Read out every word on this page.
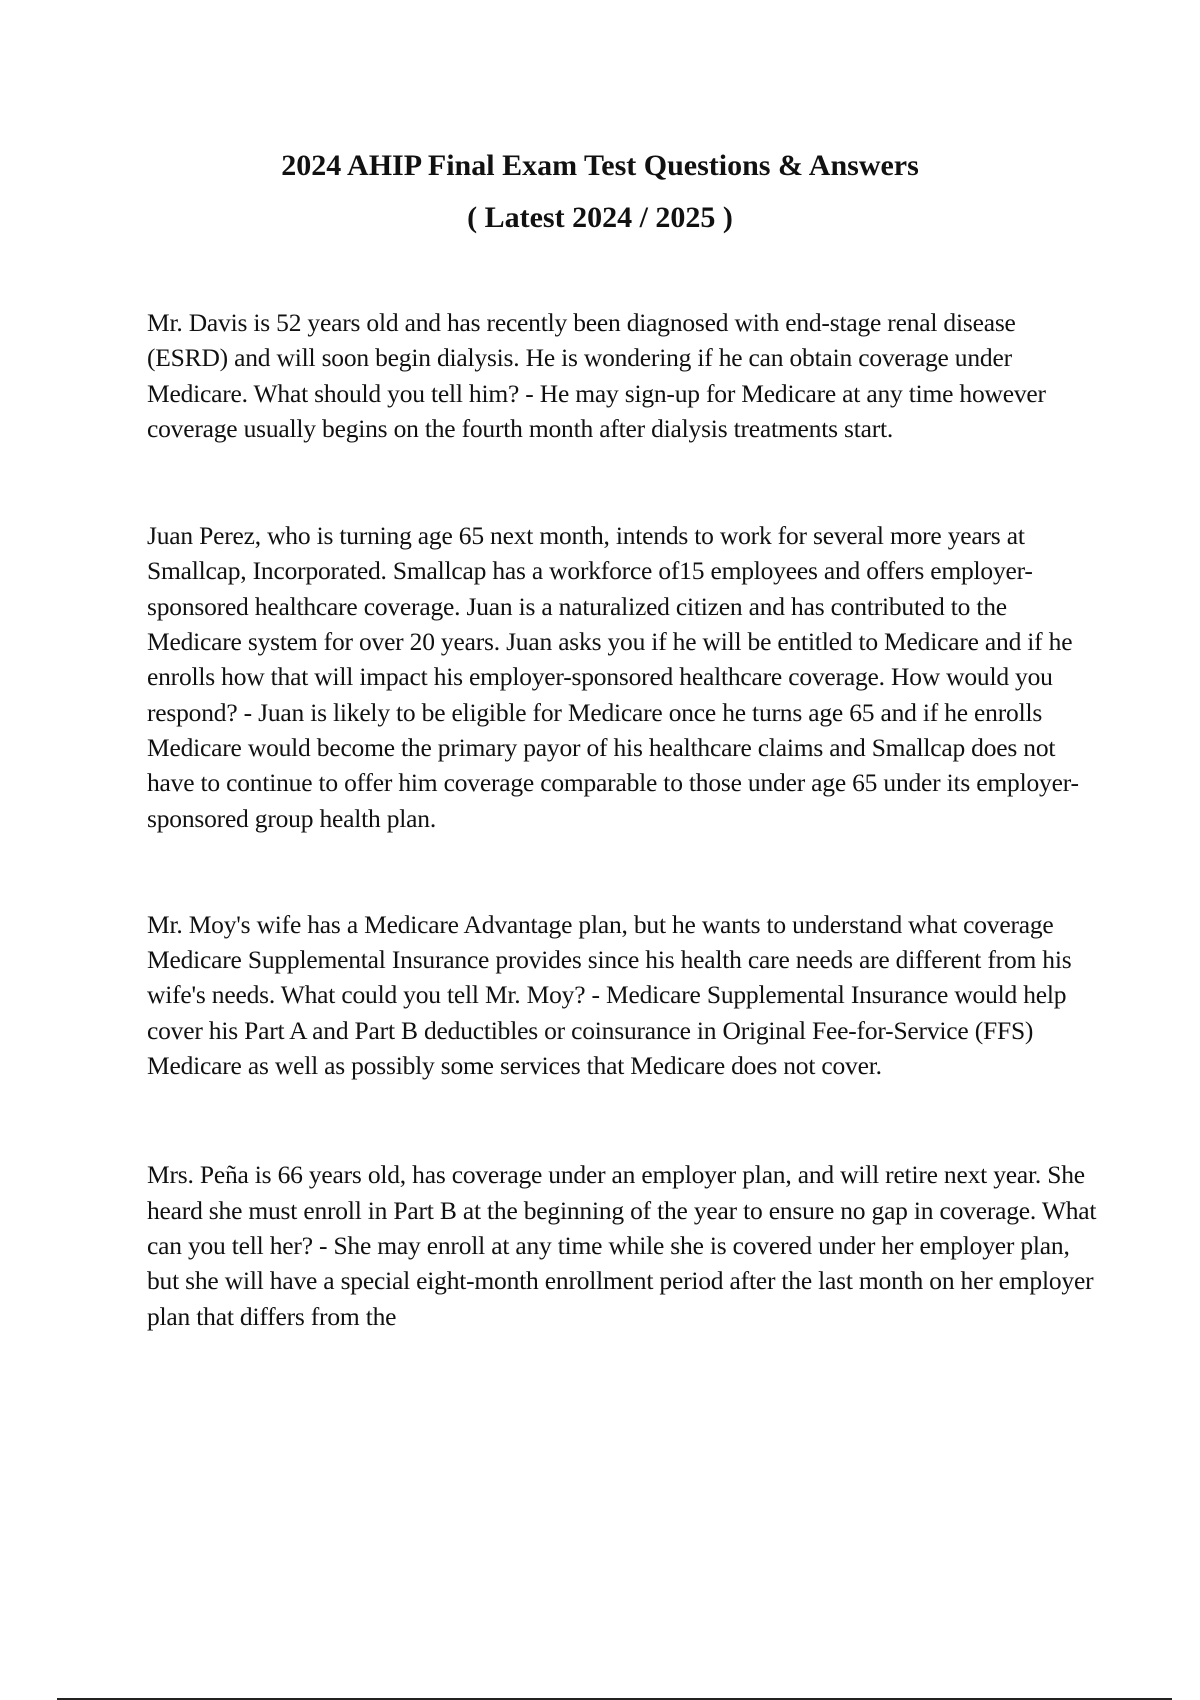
2024 AHIP Final Exam Test Questions & Answers
( Latest 2024 / 2025 )

Mr. Davis is 52 years old and has recently been diagnosed with end-stage renal disease (ESRD) and will soon begin dialysis. He is wondering if he can obtain coverage under Medicare. What should you tell him? - He may sign-up for Medicare at any time however coverage usually begins on the fourth month after dialysis treatments start.

Juan Perez, who is turning age 65 next month, intends to work for several more years at Smallcap, Incorporated. Smallcap has a workforce of15 employees and offers employer-sponsored healthcare coverage. Juan is a naturalized citizen and has contributed to the Medicare system for over 20 years. Juan asks you if he will be entitled to Medicare and if he enrolls how that will impact his employer-sponsored healthcare coverage. How would you respond? - Juan is likely to be eligible for Medicare once he turns age 65 and if he enrolls Medicare would become the primary payor of his healthcare claims and Smallcap does not have to continue to offer him coverage comparable to those under age 65 under its employer-sponsored group health plan.

Mr. Moy's wife has a Medicare Advantage plan, but he wants to understand what coverage Medicare Supplemental Insurance provides since his health care needs are different from his wife's needs. What could you tell Mr. Moy? - Medicare Supplemental Insurance would help cover his Part A and Part B deductibles or coinsurance in Original Fee-for-Service (FFS) Medicare as well as possibly some services that Medicare does not cover.

Mrs. Peña is 66 years old, has coverage under an employer plan, and will retire next year. She heard she must enroll in Part B at the beginning of the year to ensure no gap in coverage. What can you tell her? - She may enroll at any time while she is covered under her employer plan, but she will have a special eight-month enrollment period after the last month on her employer plan that differs from the
